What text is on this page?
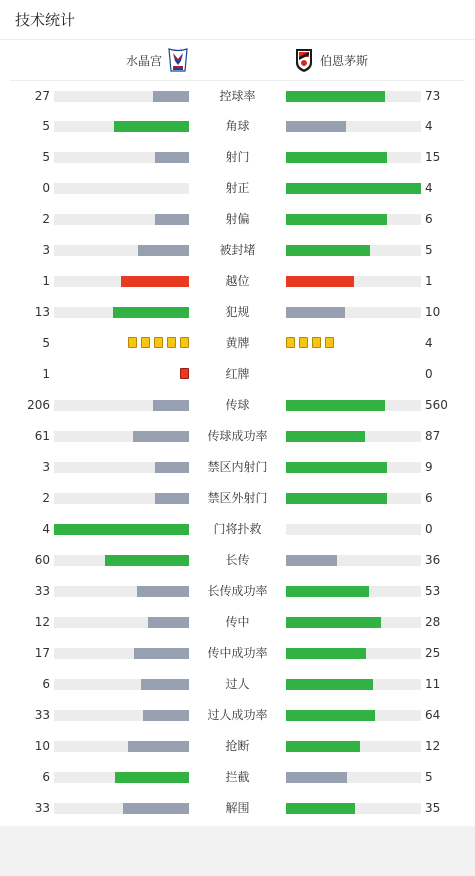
技术统计
水晶宫	伯恩茅斯
27	控球率	73
5	角球	4
5	射门	15
0	射正	4
2	射偏	6
3	被封堵	5
1	越位	1
13	犯规	10
5	黄牌	4
1	红牌	0
206	传球	560
61	传球成功率	87
3	禁区内射门	9
2	禁区外射门	6
4	门将扑救	0
60	长传	36
33	长传成功率	53
12	传中	28
17	传中成功率	25
6	过人	11
33	过人成功率	64
10	抢断	12
6	拦截	5
33	解围	35
